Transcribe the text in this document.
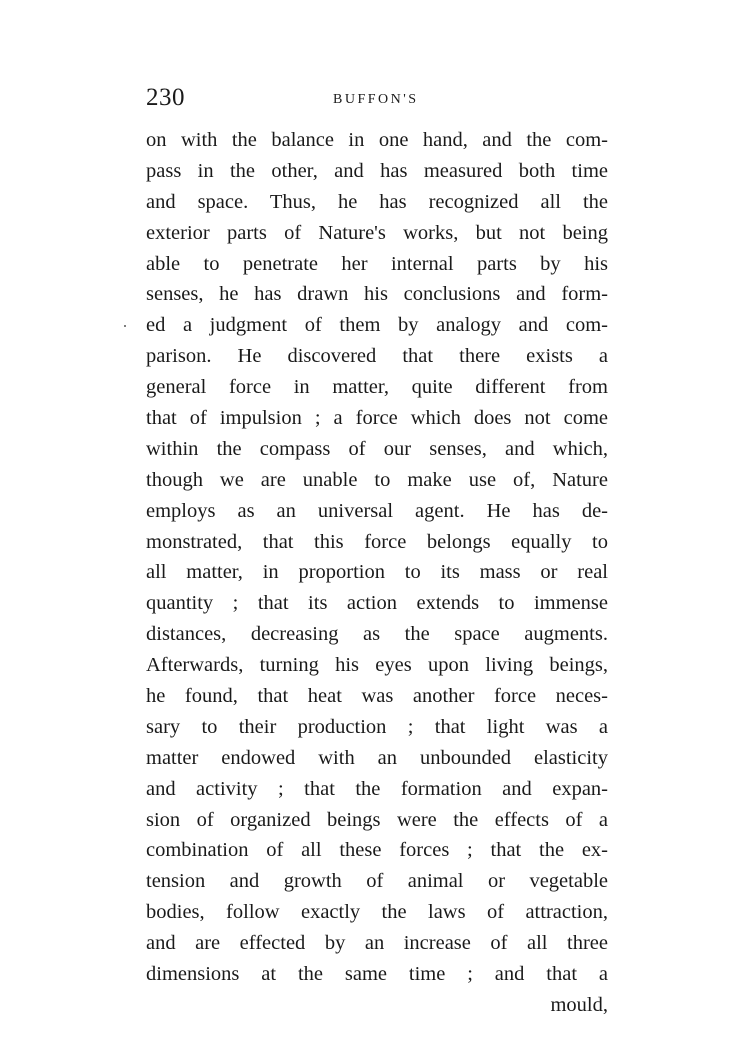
230	BUFFON'S
on with the balance in one hand, and the com-
pass in the other, and has measured both time
and space. Thus, he has recognized all the
exterior parts of Nature's works, but not being
able to penetrate her internal parts by his
senses, he has drawn his conclusions and form-
ed a judgment of them by analogy and com-
parison. He discovered that there exists a
general force in matter, quite different from
that of impulsion ; a force which does not come
within the compass of our senses, and which,
though we are unable to make use of, Nature
employs as an universal agent. He has de-
monstrated, that this force belongs equally to
all matter, in proportion to its mass or real
quantity ; that its action extends to immense
distances, decreasing as the space augments.
Afterwards, turning his eyes upon living beings,
he found, that heat was another force neces-
sary to their production ; that light was a
matter endowed with an unbounded elasticity
and activity ; that the formation and expan-
sion of organized beings were the effects of a
combination of all these forces ; that the ex-
tension and growth of animal or vegetable
bodies, follow exactly the laws of attraction,
and are effected by an increase of all three
dimensions at the same time ; and that a
mould,
